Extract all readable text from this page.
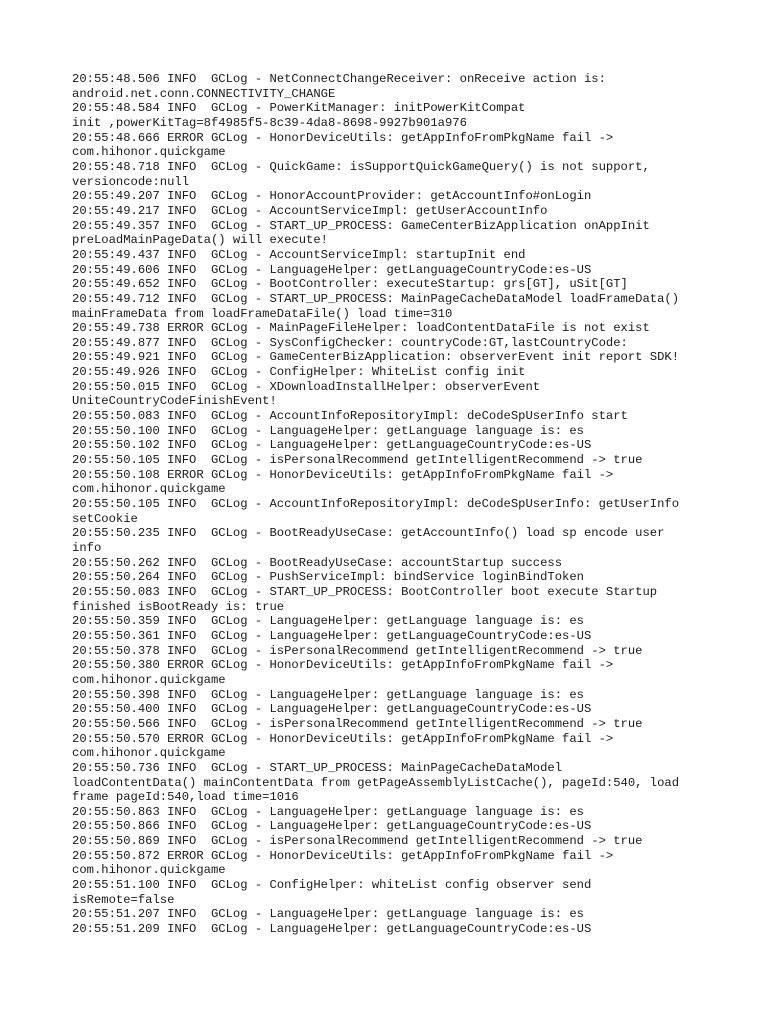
20:55:48.506 INFO  GCLog - NetConnectChangeReceiver: onReceive action is:

android.net.conn.CONNECTIVITY_CHANGE

20:55:48.584 INFO  GCLog - PowerKitManager: initPowerKitCompat

init ,powerKitTag=8f4985f5-8c39-4da8-8698-9927b901a976

20:55:48.666 ERROR GCLog - HonorDeviceUtils: getAppInfoFromPkgName fail ->

com.hihonor.quickgame

20:55:48.718 INFO  GCLog - QuickGame: isSupportQuickGameQuery() is not support,

versioncode:null

20:55:49.207 INFO  GCLog - HonorAccountProvider: getAccountInfo#onLogin

20:55:49.217 INFO  GCLog - AccountServiceImpl: getUserAccountInfo

20:55:49.357 INFO  GCLog - START_UP_PROCESS: GameCenterBizApplication onAppInit

preLoadMainPageData() will execute!

20:55:49.437 INFO  GCLog - AccountServiceImpl: startupInit end

20:55:49.606 INFO  GCLog - LanguageHelper: getLanguageCountryCode:es-US

20:55:49.652 INFO  GCLog - BootController: executeStartup: grs[GT], uSit[GT]

20:55:49.712 INFO  GCLog - START_UP_PROCESS: MainPageCacheDataModel loadFrameData()

mainFrameData from loadFrameDataFile() load time=310

20:55:49.738 ERROR GCLog - MainPageFileHelper: loadContentDataFile is not exist

20:55:49.877 INFO  GCLog - SysConfigChecker: countryCode:GT,lastCountryCode:

20:55:49.921 INFO  GCLog - GameCenterBizApplication: observerEvent init report SDK!

20:55:49.926 INFO  GCLog - ConfigHelper: WhiteList config init

20:55:50.015 INFO  GCLog - XDownloadInstallHelper: observerEvent

UniteCountryCodeFinishEvent!

20:55:50.083 INFO  GCLog - AccountInfoRepositoryImpl: deCodeSpUserInfo start

20:55:50.100 INFO  GCLog - LanguageHelper: getLanguage language is: es

20:55:50.102 INFO  GCLog - LanguageHelper: getLanguageCountryCode:es-US

20:55:50.105 INFO  GCLog - isPersonalRecommend getIntelligentRecommend -> true

20:55:50.108 ERROR GCLog - HonorDeviceUtils: getAppInfoFromPkgName fail ->

com.hihonor.quickgame

20:55:50.105 INFO  GCLog - AccountInfoRepositoryImpl: deCodeSpUserInfo: getUserInfo

setCookie

20:55:50.235 INFO  GCLog - BootReadyUseCase: getAccountInfo() load sp encode user

info

20:55:50.262 INFO  GCLog - BootReadyUseCase: accountStartup success

20:55:50.264 INFO  GCLog - PushServiceImpl: bindService loginBindToken

20:55:50.083 INFO  GCLog - START_UP_PROCESS: BootController boot execute Startup

finished isBootReady is: true

20:55:50.359 INFO  GCLog - LanguageHelper: getLanguage language is: es

20:55:50.361 INFO  GCLog - LanguageHelper: getLanguageCountryCode:es-US

20:55:50.378 INFO  GCLog - isPersonalRecommend getIntelligentRecommend -> true

20:55:50.380 ERROR GCLog - HonorDeviceUtils: getAppInfoFromPkgName fail ->

com.hihonor.quickgame

20:55:50.398 INFO  GCLog - LanguageHelper: getLanguage language is: es

20:55:50.400 INFO  GCLog - LanguageHelper: getLanguageCountryCode:es-US

20:55:50.566 INFO  GCLog - isPersonalRecommend getIntelligentRecommend -> true

20:55:50.570 ERROR GCLog - HonorDeviceUtils: getAppInfoFromPkgName fail ->

com.hihonor.quickgame

20:55:50.736 INFO  GCLog - START_UP_PROCESS: MainPageCacheDataModel

loadContentData() mainContentData from getPageAssemblyListCache(), pageId:540, load

frame pageId:540,load time=1016

20:55:50.863 INFO  GCLog - LanguageHelper: getLanguage language is: es

20:55:50.866 INFO  GCLog - LanguageHelper: getLanguageCountryCode:es-US

20:55:50.869 INFO  GCLog - isPersonalRecommend getIntelligentRecommend -> true

20:55:50.872 ERROR GCLog - HonorDeviceUtils: getAppInfoFromPkgName fail ->

com.hihonor.quickgame

20:55:51.100 INFO  GCLog - ConfigHelper: whiteList config observer send

isRemote=false

20:55:51.207 INFO  GCLog - LanguageHelper: getLanguage language is: es

20:55:51.209 INFO  GCLog - LanguageHelper: getLanguageCountryCode:es-US
